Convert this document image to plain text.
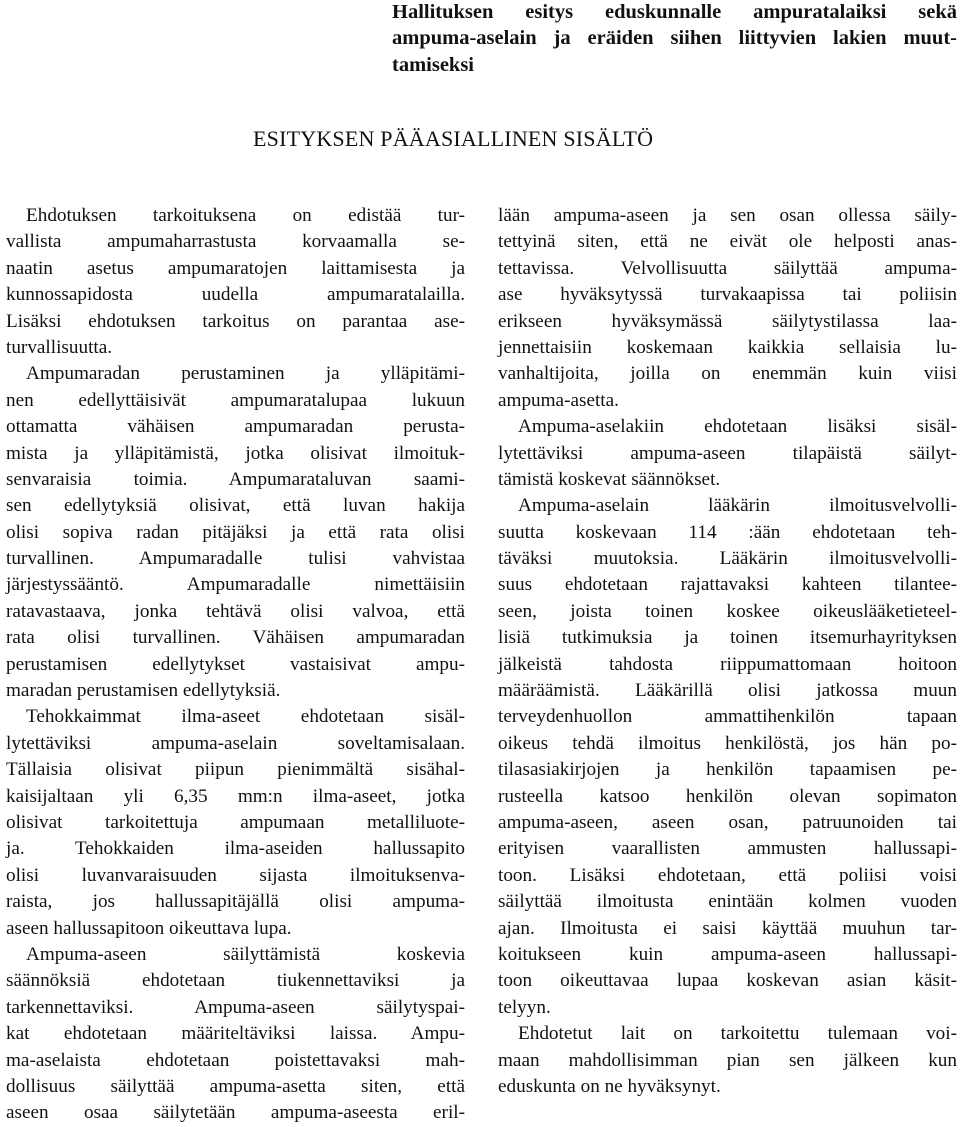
Hallituksen esitys eduskunnalle ampuratalaiksi sekä
ampuma-aselain ja eräiden siihen liittyvien lakien muut-
tamiseksi
ESITYKSEN PÄÄASIALLINEN SISÄLTÖ
Ehdotuksen tarkoituksena on edistää tur-
vallista ampumaharrastusta korvaamalla se-
naatin asetus ampumaratojen laittamisesta ja
kunnossapidosta uudella ampumaratalailla.
Lisäksi ehdotuksen tarkoitus on parantaa ase-
turvallisuutta.
Ampumaradan perustaminen ja ylläpitämi-
nen edellyttäisivät ampumaratalupaa lukuun
ottamatta vähäisen ampumaradan perusta-
mista ja ylläpitämistä, jotka olisivat ilmoituk-
senvaraisia toimia. Ampumarataluvan saami-
sen edellytyksiä olisivat, että luvan hakija
olisi sopiva radan pitäjäksi ja että rata olisi
turvallinen. Ampumaradalle tulisi vahvistaa
järjestyssääntö. Ampumaradalle nimettäisiin
ratavastaava, jonka tehtävä olisi valvoa, että
rata olisi turvallinen. Vähäisen ampumaradan
perustamisen edellytykset vastaisivat ampu-
maradan perustamisen edellytyksiä.
Tehokkaimmat ilma-aseet ehdotetaan sisäl-
lytettäviksi ampuma-aselain soveltamisalaan.
Tällaisia olisivat piipun pienimmältä sisähal-
kaisijaltaan yli 6,35 mm:n ilma-aseet, jotka
olisivat tarkoitettuja ampumaan metalliluote-
ja. Tehokkaiden ilma-aseiden hallussapito
olisi luvanvaraisuuden sijasta ilmoituksenva-
raista, jos hallussapitäjällä olisi ampuma-
aseen hallussapitoon oikeuttava lupa.
Ampuma-aseen säilyttämistä koskevia
säännöksiä ehdotetaan tiukennettaviksi ja
tarkennettaviksi. Ampuma-aseen säilytyspai-
kat ehdotetaan määriteltäviksi laissa. Ampu-
ma-aselaista ehdotetaan poistettavaksi mah-
dollisuus säilyttää ampuma-asetta siten, että
aseen osaa säilytetään ampuma-aseesta eril-
lään ampuma-aseen ja sen osan ollessa säily-
tettyinä siten, että ne eivät ole helposti anas-
tettavissa. Velvollisuutta säilyttää ampuma-
ase hyväksytyssä turvakaapissa tai poliisin
erikseen hyväksymässä säilytystilassa laa-
jennettaisiin koskemaan kaikkia sellaisia lu-
vanhaltijoita, joilla on enemmän kuin viisi
ampuma-asetta.
Ampuma-aselakiin ehdotetaan lisäksi sisäl-
lytettäviksi ampuma-aseen tilapäistä säilyt-
tämistä koskevat säännökset.
Ampuma-aselain lääkärin ilmoitusvelvolli-
suutta koskevaan 114 :ään ehdotetaan teh-
täväksi muutoksia. Lääkärin ilmoitusvelvolli-
suus ehdotetaan rajattavaksi kahteen tilantee-
seen, joista toinen koskee oikeuslääketieteel-
lisiä tutkimuksia ja toinen itsemurhayrityksen
jälkeistä tahdosta riippumattomaan hoitoon
määräämistä. Lääkärillä olisi jatkossa muun
terveydenhuollon ammattihenkilön tapaan
oikeus tehdä ilmoitus henkilöstä, jos hän po-
tilasasiakirjojen ja henkilön tapaamisen pe-
rusteella katsoo henkilön olevan sopimaton
ampuma-aseen, aseen osan, patruunoiden tai
erityisen vaarallisten ammusten hallussapi-
toon. Lisäksi ehdotetaan, että poliisi voisi
säilyttää ilmoitusta enintään kolmen vuoden
ajan. Ilmoitusta ei saisi käyttää muuhun tar-
koitukseen kuin ampuma-aseen hallussapi-
toon oikeuttavaa lupaa koskevan asian käsit-
telyyn.
Ehdotetut lait on tarkoitettu tulemaan voi-
maan mahdollisimman pian sen jälkeen kun
eduskunta on ne hyväksynyt.
